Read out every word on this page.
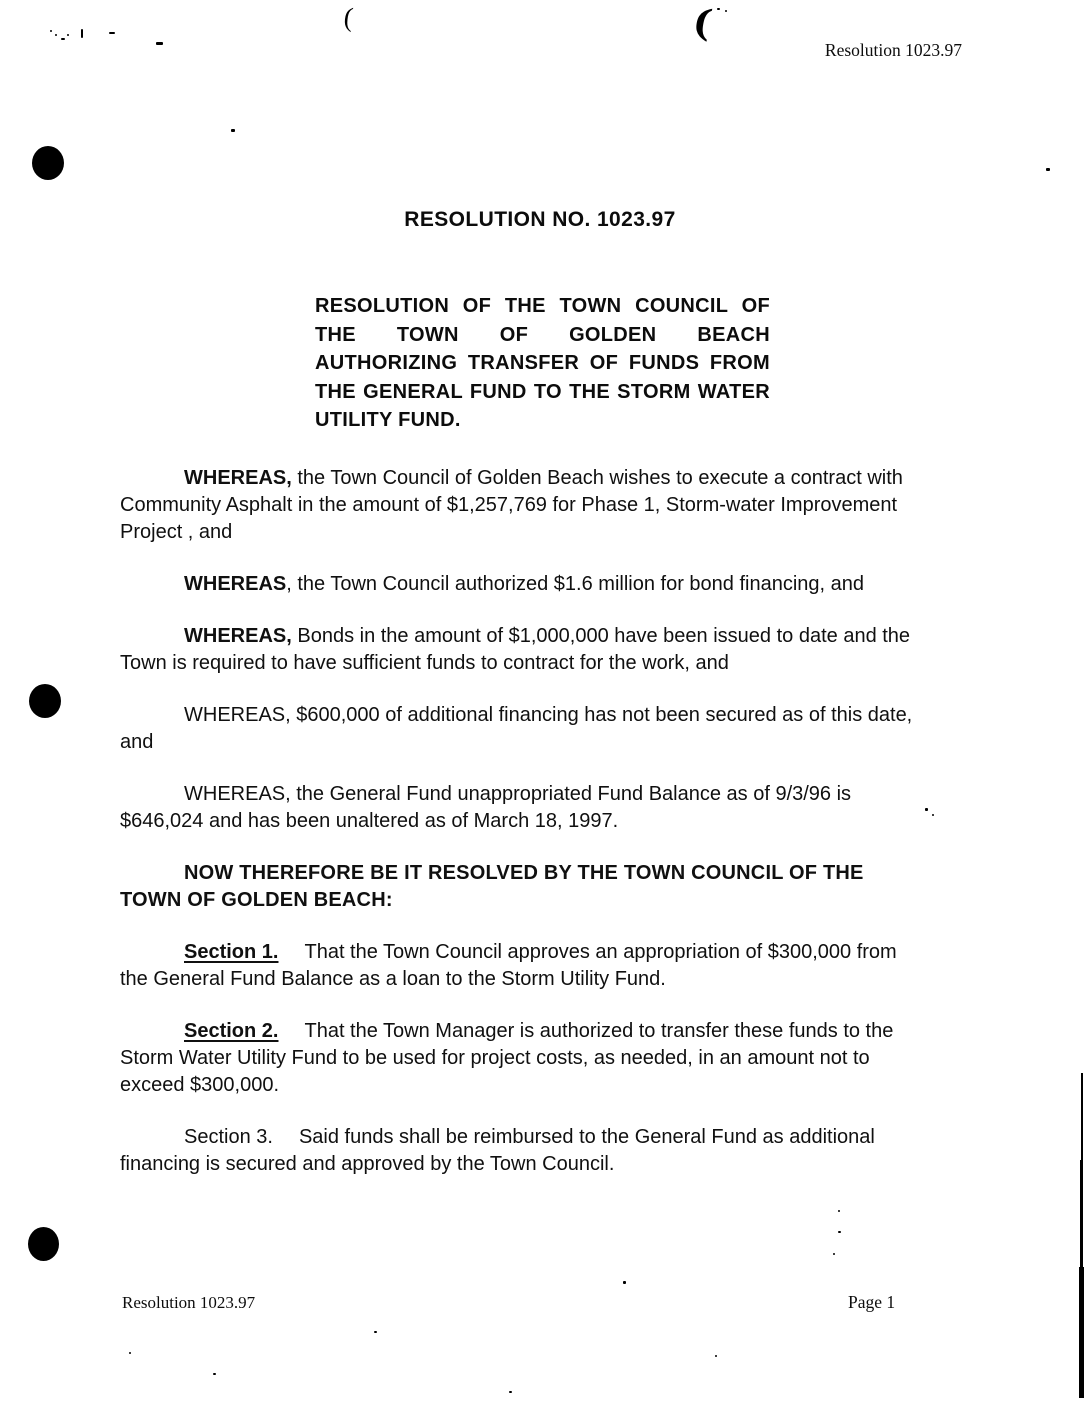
(	(
Resolution 1023.97
RESOLUTION NO. 1023.97
RESOLUTION OF THE TOWN COUNCIL OF THE TOWN OF GOLDEN BEACH AUTHORIZING TRANSFER OF FUNDS FROM THE GENERAL FUND TO THE STORM WATER UTILITY FUND.
WHEREAS, the Town Council of Golden Beach wishes to execute a contract with Community Asphalt in the amount of $1,257,769 for Phase 1, Storm-water Improvement Project , and
WHEREAS, the Town Council authorized $1.6 million for bond financing, and
WHEREAS, Bonds in the amount of $1,000,000 have been issued to date and the Town is required to have sufficient funds to contract for the work, and
WHEREAS, $600,000 of additional financing has not been secured as of this date, and
WHEREAS, the General Fund unappropriated Fund Balance as of 9/3/96 is $646,024 and has been unaltered as of March 18, 1997.
NOW THEREFORE BE IT RESOLVED BY THE TOWN COUNCIL OF THE TOWN OF GOLDEN BEACH:
Section 1. That the Town Council approves an appropriation of $300,000 from the General Fund Balance as a loan to the Storm Utility Fund.
Section 2. That the Town Manager is authorized to transfer these funds to the Storm Water Utility Fund to be used for project costs, as needed, in an amount not to exceed $300,000.
Section 3. Said funds shall be reimbursed to the General Fund as additional financing is secured and approved by the Town Council.
Resolution 1023.97	Page 1
